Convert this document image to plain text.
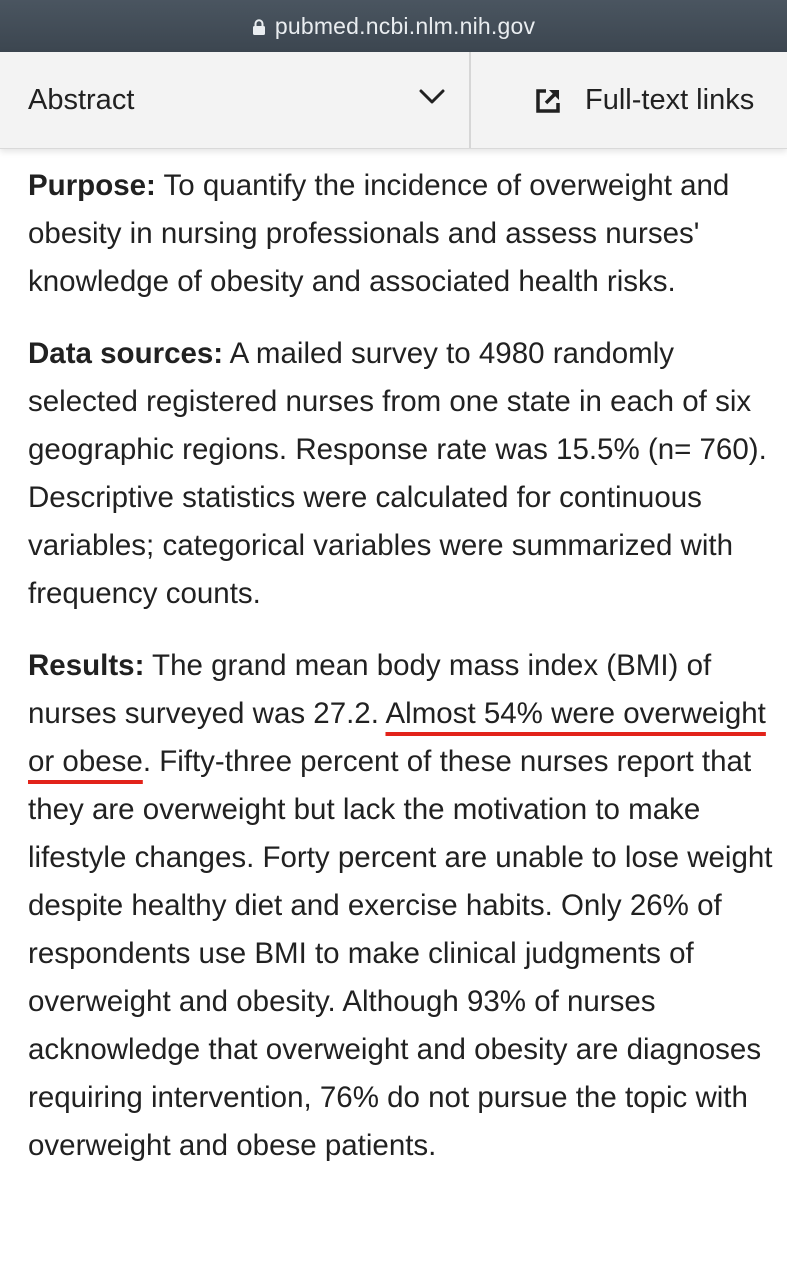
pubmed.ncbi.nlm.nih.gov
Abstract	Full-text links

Purpose: To quantify the incidence of overweight and obesity in nursing professionals and assess nurses' knowledge of obesity and associated health risks.

Data sources: A mailed survey to 4980 randomly selected registered nurses from one state in each of six geographic regions. Response rate was 15.5% (n= 760). Descriptive statistics were calculated for continuous variables; categorical variables were summarized with frequency counts.

Results: The grand mean body mass index (BMI) of nurses surveyed was 27.2. Almost 54% were overweight or obese. Fifty-three percent of these nurses report that they are overweight but lack the motivation to make lifestyle changes. Forty percent are unable to lose weight despite healthy diet and exercise habits. Only 26% of respondents use BMI to make clinical judgments of overweight and obesity. Although 93% of nurses acknowledge that overweight and obesity are diagnoses requiring intervention, 76% do not pursue the topic with overweight and obese patients.
